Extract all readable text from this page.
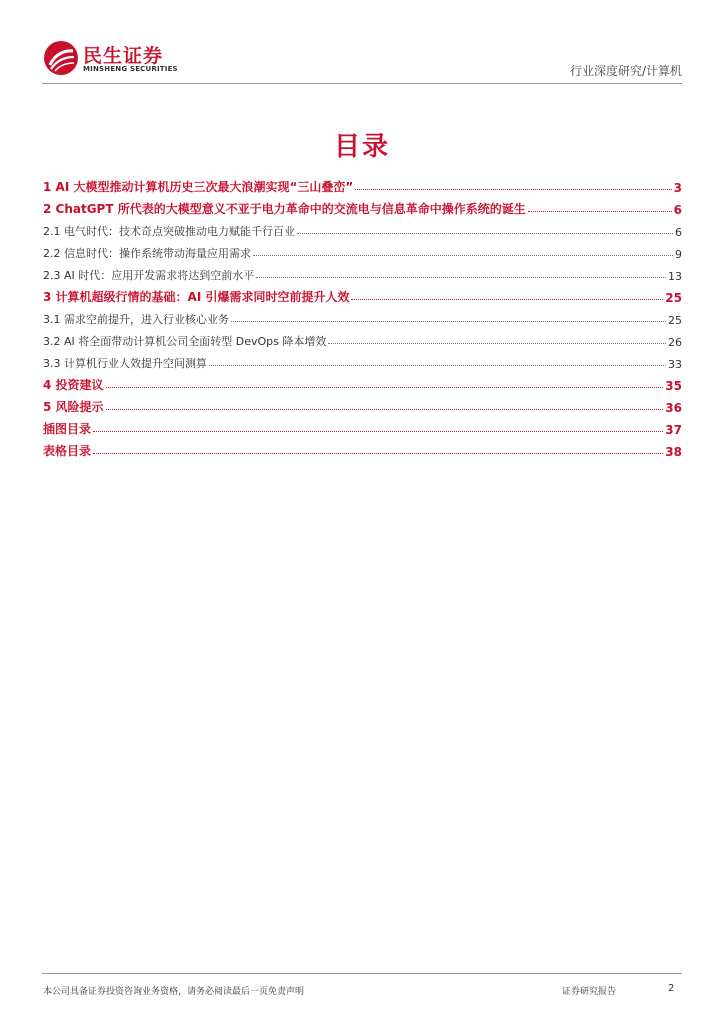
民生证券
MINSHENG SECURITIES	行业深度研究/计算机
目录
1 AI 大模型推动计算机历史三次最大浪潮实现“三山叠峦”	3
2 ChatGPT 所代表的大模型意义不亚于电力革命中的交流电与信息革命中操作系统的诞生	6
2.1 电气时代：技术奇点突破推动电力赋能千行百业	6
2.2 信息时代：操作系统带动海量应用需求	9
2.3 AI 时代：应用开发需求将达到空前水平	13
3 计算机超级行情的基础：AI 引爆需求同时空前提升人效	25
3.1 需求空前提升，进入行业核心业务	25
3.2 AI 将全面带动计算机公司全面转型 DevOps 降本增效	26
3.3 计算机行业人效提升空间测算	33
4 投资建议	35
5 风险提示	36
插图目录	37
表格目录	38
本公司具备证券投资咨询业务资格，请务必阅读最后一页免责声明	证券研究报告	2
